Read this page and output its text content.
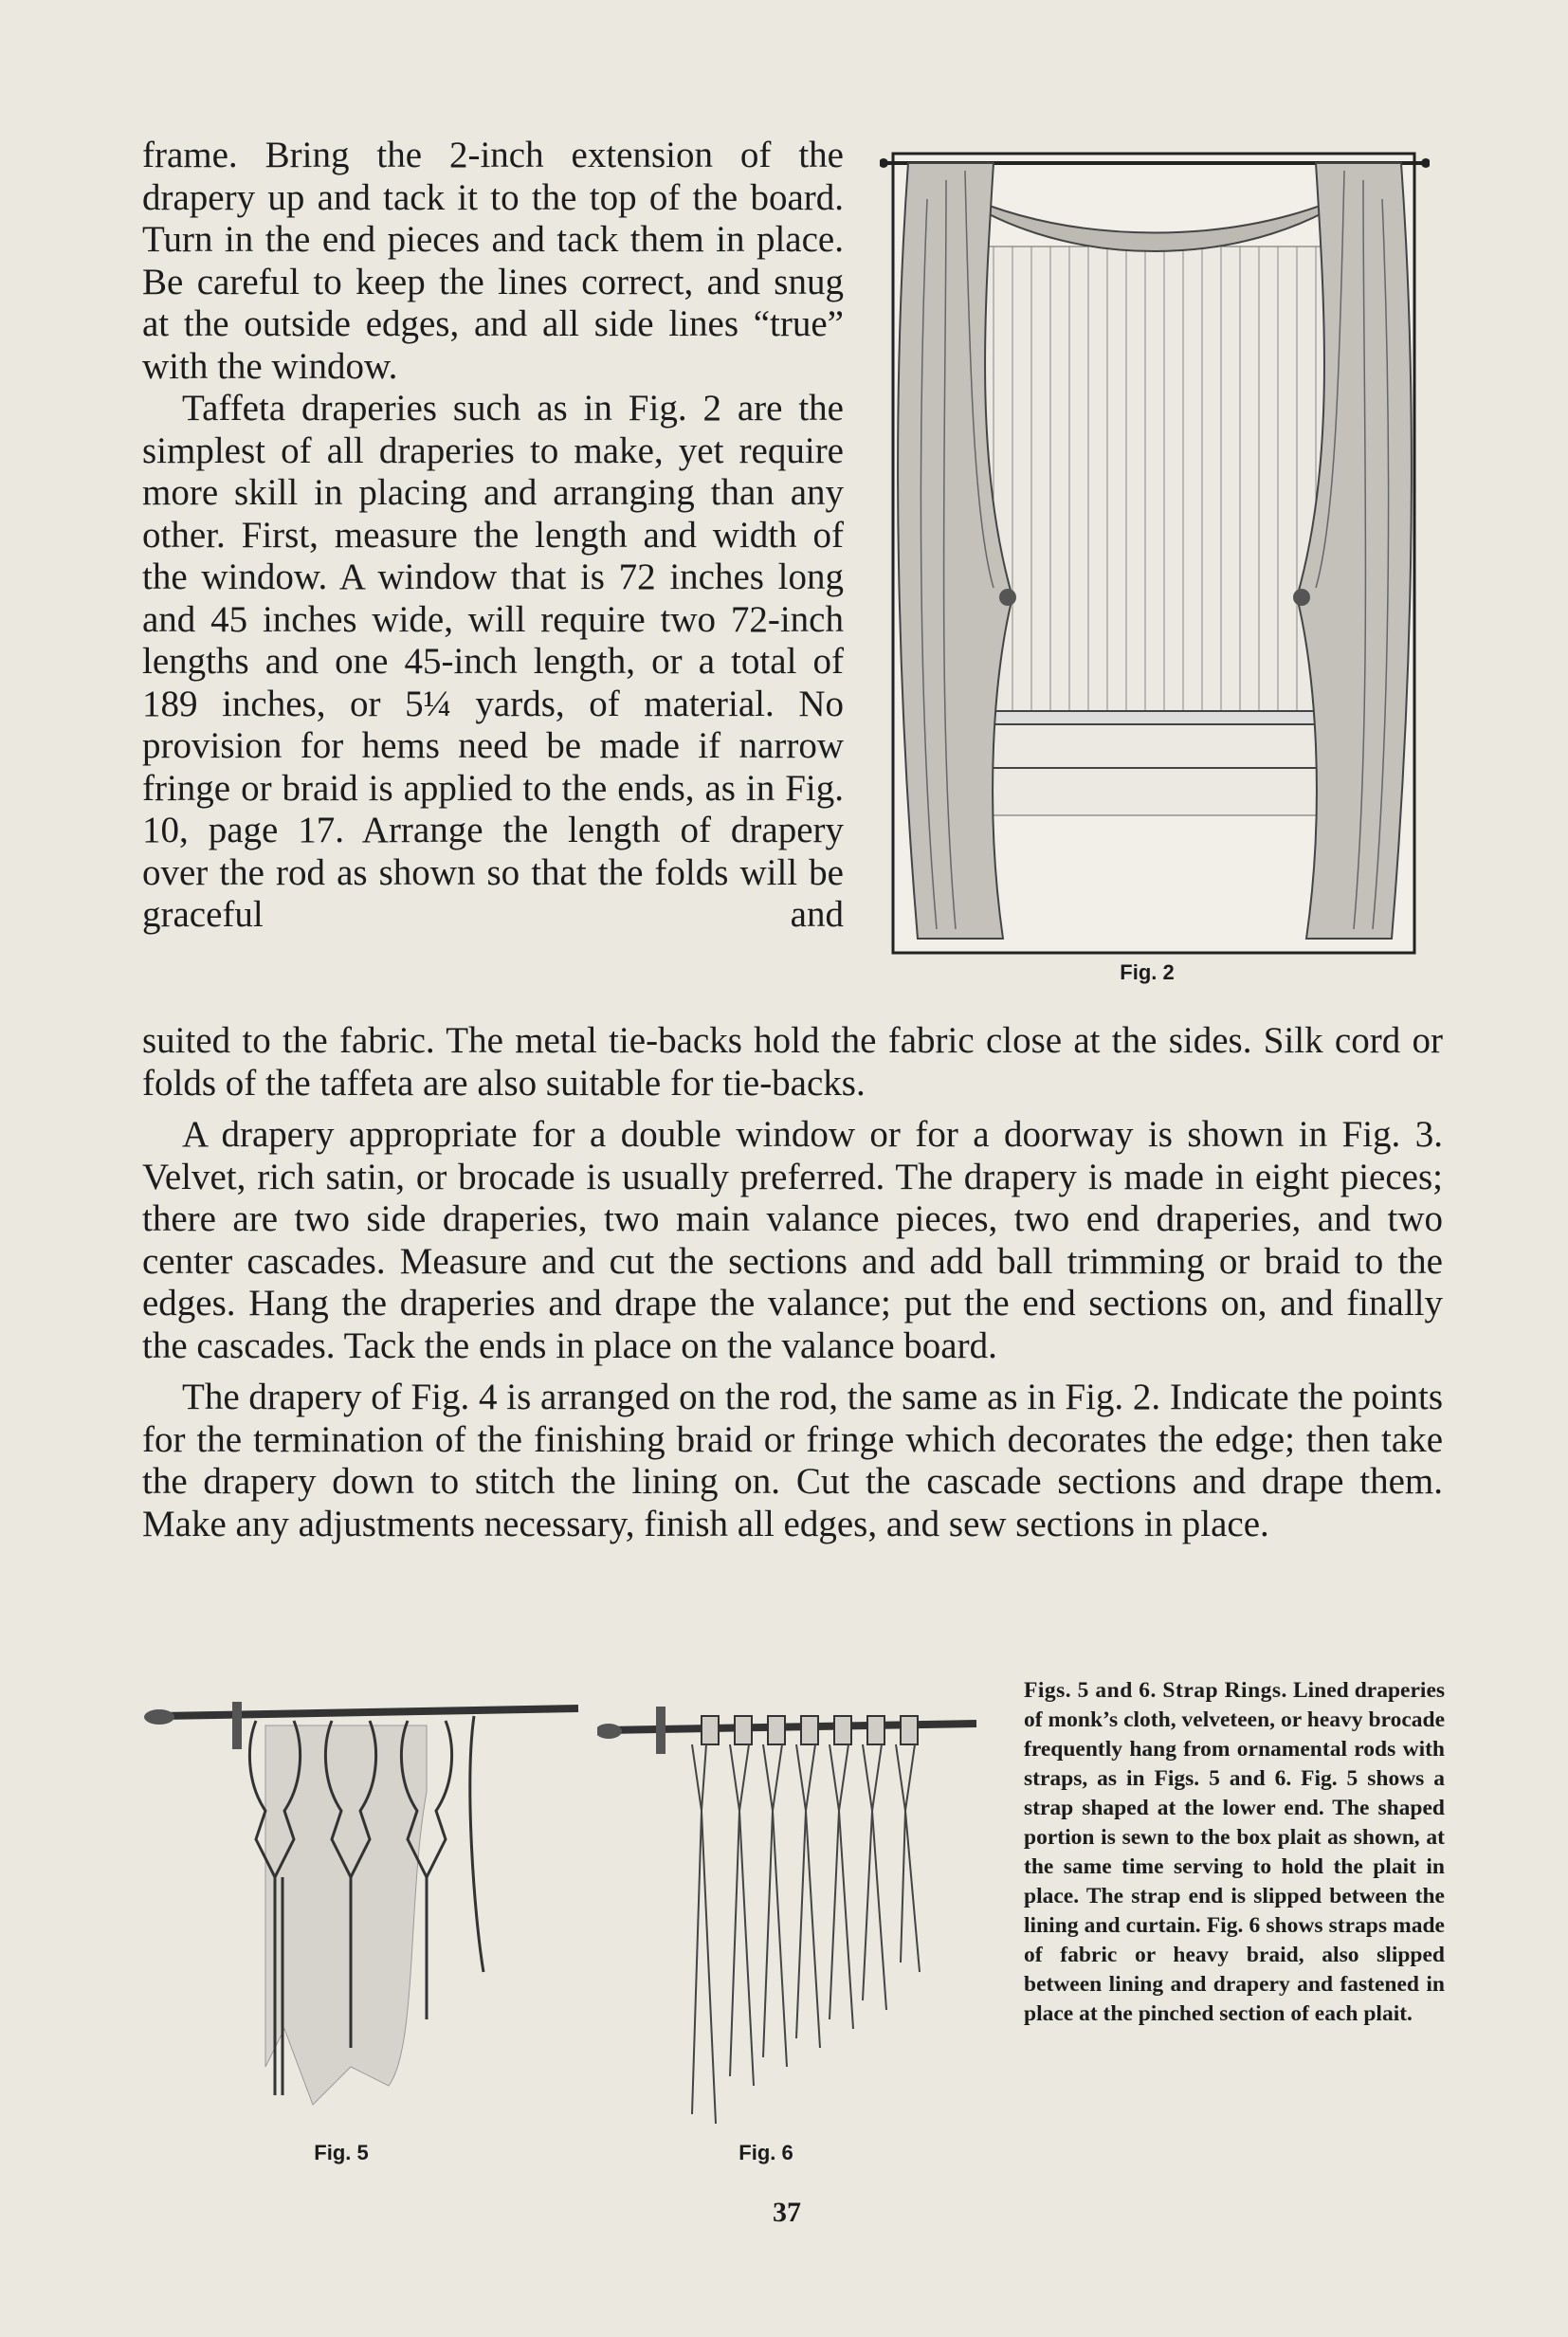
frame. Bring the 2-inch extension of the drapery up and tack it to the top of the board. Turn in the end pieces and tack them in place. Be careful to keep the lines correct, and snug at the outside edges, and all side lines “true” with the window.

Taffeta draperies such as in Fig. 2 are the simplest of all draperies to make, yet require more skill in placing and arranging than any other. First, measure the length and width of the window. A window that is 72 inches long and 45 inches wide, will require two 72-inch lengths and one 45-inch length, or a total of 189 inches, or 5¼ yards, of material. No provision for hems need be made if narrow fringe or braid is applied to the ends, as in Fig. 10, page 17. Arrange the length of drapery over the rod as shown so that the folds will be graceful and

suited to the fabric. The metal tie-backs hold the fabric close at the sides. Silk cord or folds of the taffeta are also suitable for tie-backs.

A drapery appropriate for a double window or for a doorway is shown in Fig. 3. Velvet, rich satin, or brocade is usually preferred. The drapery is made in eight pieces; there are two side draperies, two main valance pieces, two end draperies, and two center cascades. Measure and cut the sections and add ball trimming or braid to the edges. Hang the draperies and drape the valance; put the end sections on, and finally the cascades. Tack the ends in place on the valance board.

The drapery of Fig. 4 is arranged on the rod, the same as in Fig. 2. Indicate the points for the termination of the finishing braid or fringe which decorates the edge; then take the drapery down to stitch the lining on. Cut the cascade sections and drape them. Make any adjustments necessary, finish all edges, and sew sections in place.

Fig. 2
Fig. 5	Fig. 6
Figs. 5 and 6. Strap Rings. Lined draperies of monk’s cloth, velveteen, or heavy brocade frequently hang from ornamental rods with straps, as in Figs. 5 and 6. Fig. 5 shows a strap shaped at the lower end. The shaped portion is sewn to the box plait as shown, at the same time serving to hold the plait in place. The strap end is slipped between the lining and curtain. Fig. 6 shows straps made of fabric or heavy braid, also slipped between lining and drapery and fastened in place at the pinched section of each plait.
37
